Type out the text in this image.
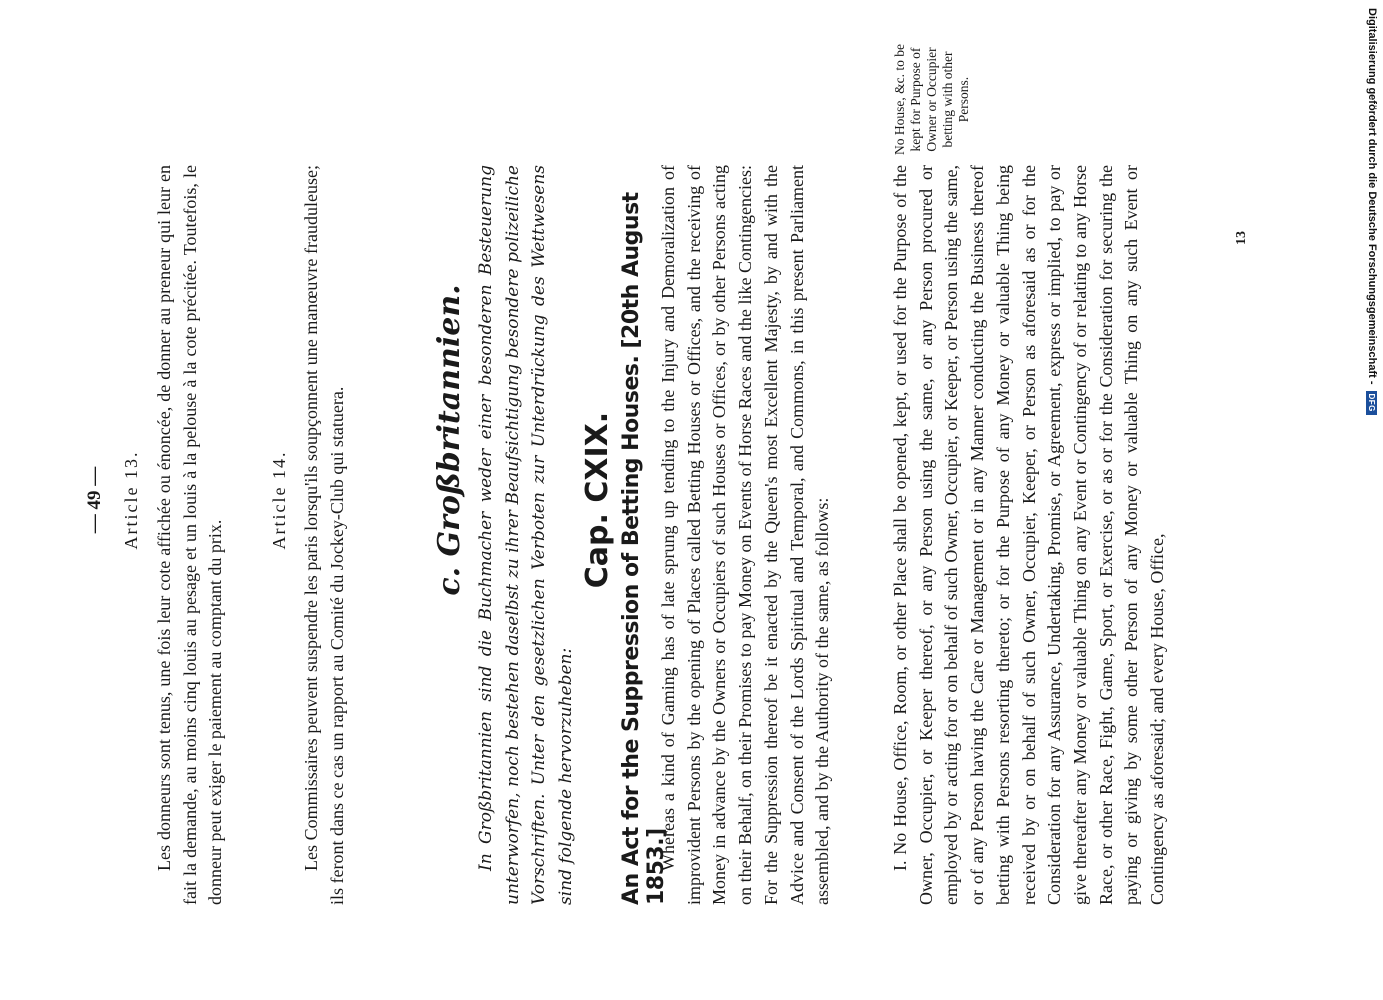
— 49 — Article 13. Les donneurs sont tenus, une fois leur cote affichée ou énoncée, de donner au preneur qui leur en fait la demande, au moins cinq louis au pesage et un louis à la pelouse à la cote précitée. Toutefois, le donneur peut exiger le paiement au comptant du prix.

Article 14. Les Commissaires peuvent suspendre les paris lorsqu'ils soupçonnent une manœuvre frauduleuse; ils feront dans ce cas un rapport au Comité du Jockey-Club qui statuera.	c. Großbritannien. In Großbritannien sind die Buchmacher weder einer besonderen Besteuerung unterworfen, noch bestehen daselbst zu ihrer Beaufsichtigung besondere polizeiliche Vorschriften. Unter den gesetzlichen Verboten zur Unterdrückung des Wettwesens sind folgende hervorzuheben:

Cap. CXIX. An Act for the Suppression of Betting Houses. [20th August 1853.]

Whereas a kind of Gaming has of late sprung up tending to the Injury and Demoralization of improvident Persons by the opening of Places called Betting Houses or Offices, and the receiving of Money in advance by the Owners or Occupiers of such Houses or Offices, or by other Persons acting on their Behalf, on their Promises to pay Money on Events of Horse Races and the like Contingencies: For the Suppression thereof be it enacted by the Queen's most Excellent Majesty, by and with the Advice and Consent of the Lords Spiritual and Temporal, and Commons, in this present Parliament assembled, and by the Authority of the same, as follows:	I. No House, Office, Room, or other Place shall be opened, kept, or used for the Purpose of the Owner, Occupier, or Keeper thereof, or any Person using the same, or any Person procured or employed by or acting for or on behalf of such Owner, Occupier, or Keeper, or Person using the same, or of any Person having the Care or Management or in any Manner conducting the Business thereof betting with Persons resorting thereto; or for the Purpose of any Money or valuable Thing being received by or on behalf of such Owner, Occupier, Keeper, or Person as aforesaid as or for the Consideration for any Assurance, Undertaking, Promise, or Agreement, express or implied, to pay or give thereafter any Money or valuable Thing on any Event or Contingency of or relating to any Horse Race, or other Race, Fight, Game, Sport, or Exercise, or as or for the Consideration for securing the paying or giving by some other Person of any Money or valuable Thing on any such Event or Contingency as aforesaid; and every House, Office,

No House, &c. to be kept for Purpose of Owner or Occupier betting with other Persons.
13	Digitalisierung gefördert durch die Deutsche Forschungsgemeinschaft -
DFG
